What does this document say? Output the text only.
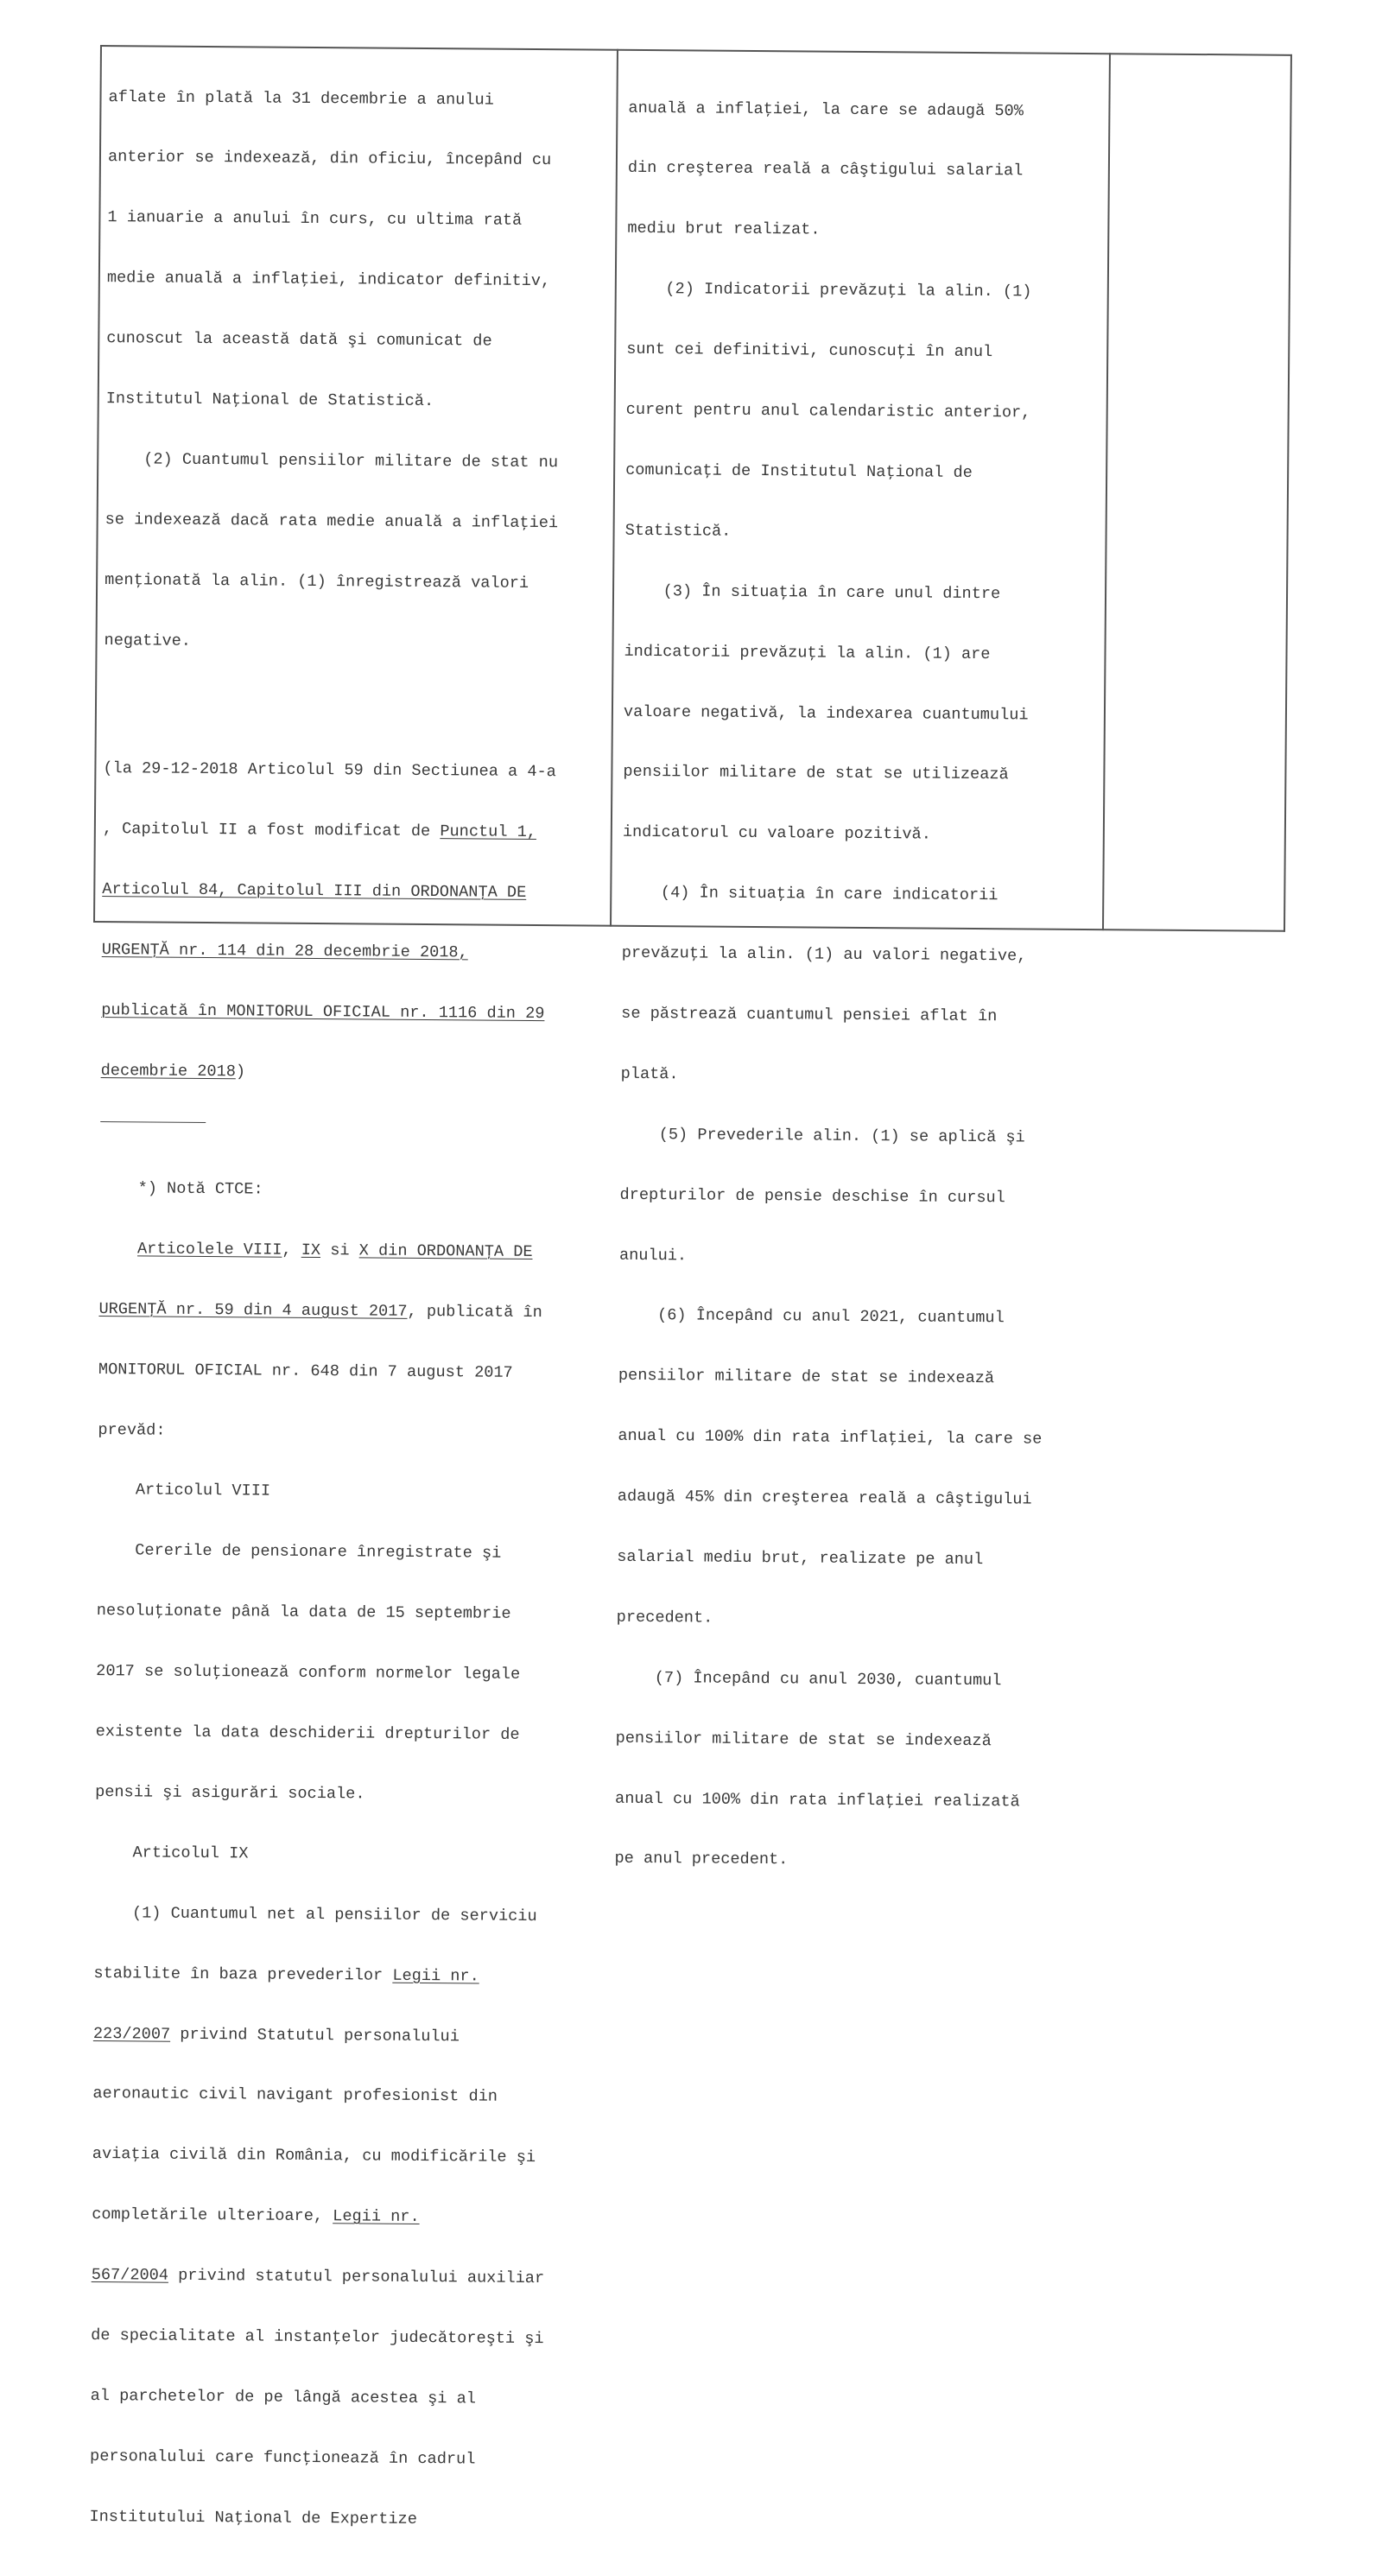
aflate în plată la 31 decembrie a anului

anterior se indexează, din oficiu, începând cu

1 ianuarie a anului în curs, cu ultima rată

medie anuală a inflaţiei, indicator definitiv,

cunoscut la această dată şi comunicat de

Institutul Naţional de Statistică.

(2) Cuantumul pensiilor militare de stat nu

se indexează dacă rata medie anuală a inflaţiei

menţionată la alin. (1) înregistrează valori

negative.

(la 29-12-2018 Articolul 59 din Sectiunea a 4-a

, Capitolul II a fost modificat de Punctul 1,

Articolul 84, Capitolul III din ORDONANŢA DE

URGENŢĂ nr. 114 din 28 decembrie 2018,

publicată în MONITORUL OFICIAL nr. 1116 din 29

decembrie 2018)

*) Notă CTCE:

Articolele VIII, IX si X din ORDONANŢA DE

URGENŢĂ nr. 59 din 4 august 2017, publicată în

MONITORUL OFICIAL nr. 648 din 7 august 2017

prevăd:

Articolul VIII

Cererile de pensionare înregistrate şi

nesoluţionate până la data de 15 septembrie

2017 se soluţionează conform normelor legale

existente la data deschiderii drepturilor de

pensii şi asigurări sociale.

Articolul IX

(1) Cuantumul net al pensiilor de serviciu

stabilite în baza prevederilor Legii nr.

223/2007 privind Statutul personalului

aeronautic civil navigant profesionist din

aviaţia civilă din România, cu modificările şi

completările ulterioare, Legii nr.

567/2004 privind statutul personalului auxiliar

de specialitate al instanţelor judecătoreşti şi

al parchetelor de pe lângă acestea şi al

personalului care funcţionează în cadrul

Institutului Naţional de Expertize

anuală a inflaţiei, la care se adaugă 50%

din creşterea reală a câştigului salarial

mediu brut realizat.

(2) Indicatorii prevăzuţi la alin. (1)

sunt cei definitivi, cunoscuţi în anul

curent pentru anul calendaristic anterior,

comunicaţi de Institutul Naţional de

Statistică.

(3) În situaţia în care unul dintre

indicatorii prevăzuţi la alin. (1) are

valoare negativă, la indexarea cuantumului

pensiilor militare de stat se utilizează

indicatorul cu valoare pozitivă.

(4) În situaţia în care indicatorii

prevăzuţi la alin. (1) au valori negative,

se păstrează cuantumul pensiei aflat în

plată.

(5) Prevederile alin. (1) se aplică şi

drepturilor de pensie deschise în cursul

anului.

(6) Începând cu anul 2021, cuantumul

pensiilor militare de stat se indexează

anual cu 100% din rata inflaţiei, la care se

adaugă 45% din creşterea reală a câştigului

salarial mediu brut, realizate pe anul

precedent.

(7) Începând cu anul 2030, cuantumul

pensiilor militare de stat se indexează

anual cu 100% din rata inflaţiei realizată

pe anul precedent.
